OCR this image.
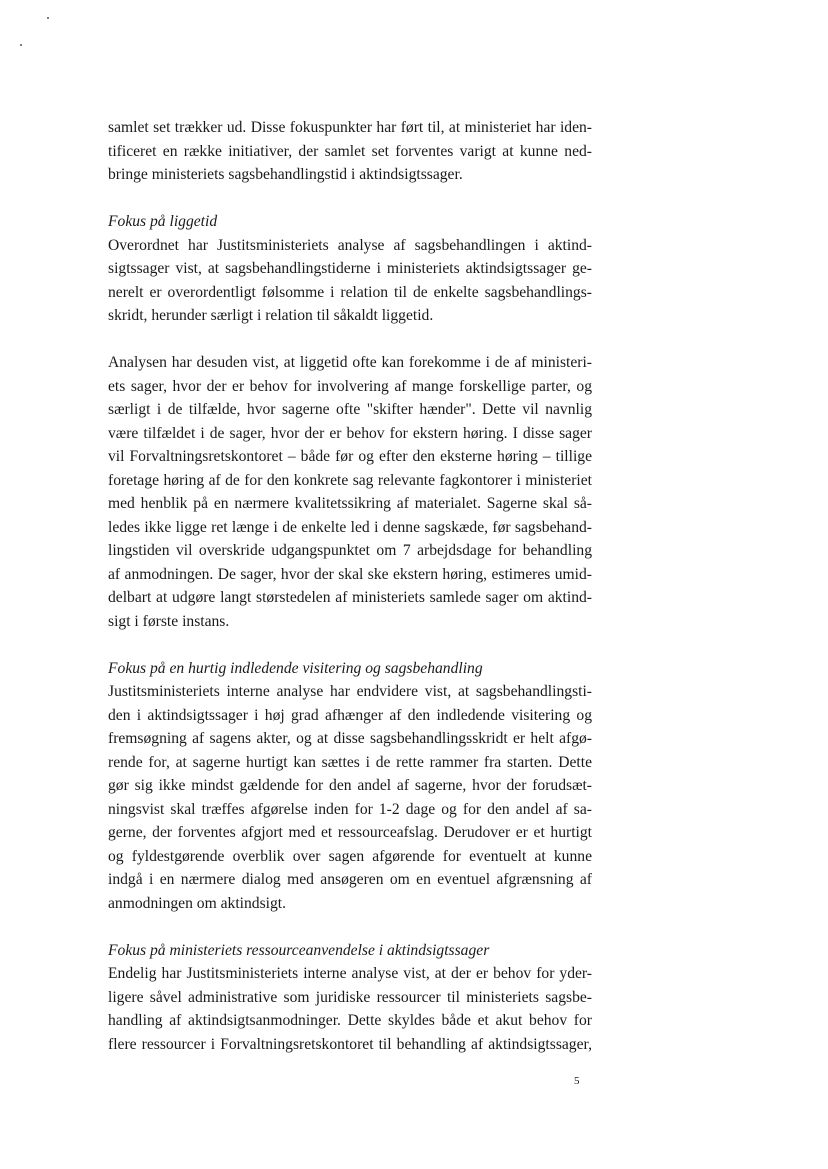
samlet set trækker ud. Disse fokuspunkter har ført til, at ministeriet har iden-
tificeret en række initiativer, der samlet set forventes varigt at kunne ned-
bringe ministeriets sagsbehandlingstid i aktindsigtssager.
Fokus på liggetid
Overordnet har Justitsministeriets analyse af sagsbehandlingen i aktind-
sigtssager vist, at sagsbehandlingstiderne i ministeriets aktindsigtssager ge-
nerelt er overordentligt følsomme i relation til de enkelte sagsbehandlings-
skridt, herunder særligt i relation til såkaldt liggetid.
Analysen har desuden vist, at liggetid ofte kan forekomme i de af ministeri-
ets sager, hvor der er behov for involvering af mange forskellige parter, og
særligt i de tilfælde, hvor sagerne ofte "skifter hænder". Dette vil navnlig
være tilfældet i de sager, hvor der er behov for ekstern høring. I disse sager
vil Forvaltningsretskontoret – både før og efter den eksterne høring – tillige
foretage høring af de for den konkrete sag relevante fagkontorer i ministeriet
med henblik på en nærmere kvalitetssikring af materialet. Sagerne skal så-
ledes ikke ligge ret længe i de enkelte led i denne sagskæde, før sagsbehand-
lingstiden vil overskride udgangspunktet om 7 arbejdsdage for behandling
af anmodningen. De sager, hvor der skal ske ekstern høring, estimeres umid-
delbart at udgøre langt størstedelen af ministeriets samlede sager om aktind-
sigt i første instans.
Fokus på en hurtig indledende visitering og sagsbehandling
Justitsministeriets interne analyse har endvidere vist, at sagsbehandlingsti-
den i aktindsigtssager i høj grad afhænger af den indledende visitering og
fremsøgning af sagens akter, og at disse sagsbehandlingsskridt er helt afgø-
rende for, at sagerne hurtigt kan sættes i de rette rammer fra starten. Dette
gør sig ikke mindst gældende for den andel af sagerne, hvor der forudsæt-
ningsvist skal træffes afgørelse inden for 1-2 dage og for den andel af sa-
gerne, der forventes afgjort med et ressourceafslag. Derudover er et hurtigt
og fyldestgørende overblik over sagen afgørende for eventuelt at kunne
indgå i en nærmere dialog med ansøgeren om en eventuel afgrænsning af
anmodningen om aktindsigt.
Fokus på ministeriets ressourceanvendelse i aktindsigtssager
Endelig har Justitsministeriets interne analyse vist, at der er behov for yder-
ligere såvel administrative som juridiske ressourcer til ministeriets sagsbe-
handling af aktindsigtsanmodninger. Dette skyldes både et akut behov for
flere ressourcer i Forvaltningsretskontoret til behandling af aktindsigtssager,
5
